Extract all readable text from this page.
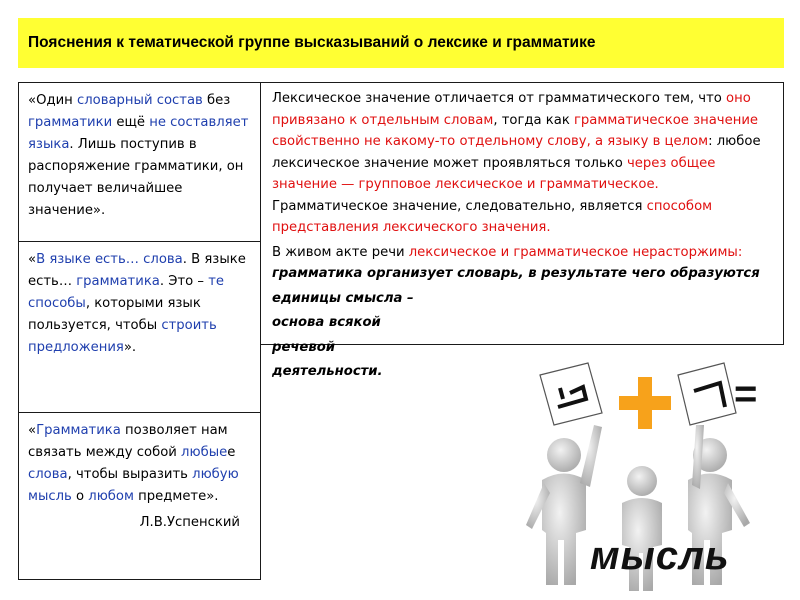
Пояснения к тематической группе высказываний о лексике и грамматике
«Один словарный состав без грамматики ещё не составляет языка. Лишь поступив в распоряжение грамматики, он получает величайшее значение».
«В языке есть… слова. В языке есть… грамматика. Это – те способы, которыми язык пользуется, чтобы строить предложения».
«Грамматика позволяет нам связать между собой любыее слова, чтобы выразить любую мысль о любом предмете».
Л.В.Успенский

Лексическое значение отличается от грамматического тем, что оно привязано к отдельным словам, тогда как грамматическое значение свойственно не какому-то отдельному слову, а языку в целом: любое лексическое значение может проявляться только через общее значение — групповое лексическое и грамматическое. Грамматическое значение, следовательно, является способом представления лексического значения.

В живом акте речи лексическое и грамматическое нерасторжимы: грамматика организует словарь, в результате чего образуются

единицы смысла –

основа всякой

речевой

деятельности.

мысль
=
